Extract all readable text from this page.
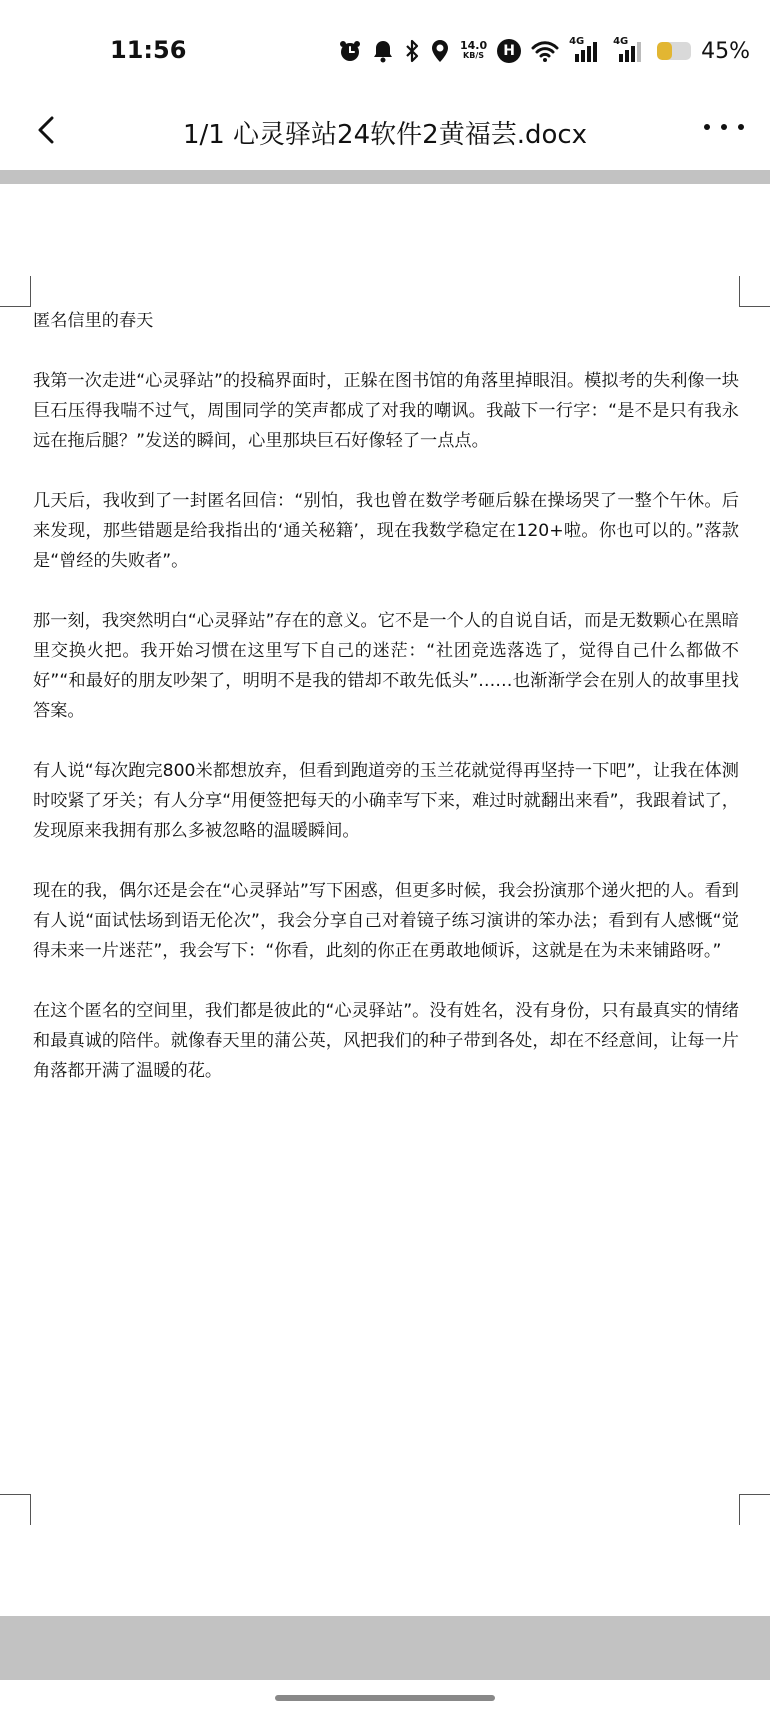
11:56	14.0
KB/S	H
4G	4G	45%
1/1 心灵驿站24软件2黄福芸.docx

匿名信里的春天

我第一次走进“心灵驿站”的投稿界面时，正躲在图书馆的角落里掉眼泪。模拟考的失利像一块巨石压得我喘不过气，周围同学的笑声都成了对我的嘲讽。我敲下一行字：“是不是只有我永远在拖后腿？”发送的瞬间，心里那块巨石好像轻了一点点。

几天后，我收到了一封匿名回信：“别怕，我也曾在数学考砸后躲在操场哭了一整个午休。后来发现，那些错题是给我指出的‘通关秘籍’，现在我数学稳定在120+啦。你也可以的。”落款是“曾经的失败者”。

那一刻，我突然明白“心灵驿站”存在的意义。它不是一个人的自说自话，而是无数颗心在黑暗里交换火把。我开始习惯在这里写下自己的迷茫：“社团竞选落选了，觉得自己什么都做不好”“和最好的朋友吵架了，明明不是我的错却不敢先低头”……也渐渐学会在别人的故事里找答案。

有人说“每次跑完800米都想放弃，但看到跑道旁的玉兰花就觉得再坚持一下吧”，让我在体测时咬紧了牙关；有人分享“用便签把每天的小确幸写下来，难过时就翻出来看”，我跟着试了，发现原来我拥有那么多被忽略的温暖瞬间。

现在的我，偶尔还是会在“心灵驿站”写下困惑，但更多时候，我会扮演那个递火把的人。看到有人说“面试怯场到语无伦次”，我会分享自己对着镜子练习演讲的笨办法；看到有人感慨“觉得未来一片迷茫”，我会写下：“你看，此刻的你正在勇敢地倾诉，这就是在为未来铺路呀。”

在这个匿名的空间里，我们都是彼此的“心灵驿站”。没有姓名，没有身份，只有最真实的情绪和最真诚的陪伴。就像春天里的蒲公英，风把我们的种子带到各处，却在不经意间，让每一片角落都开满了温暖的花。
